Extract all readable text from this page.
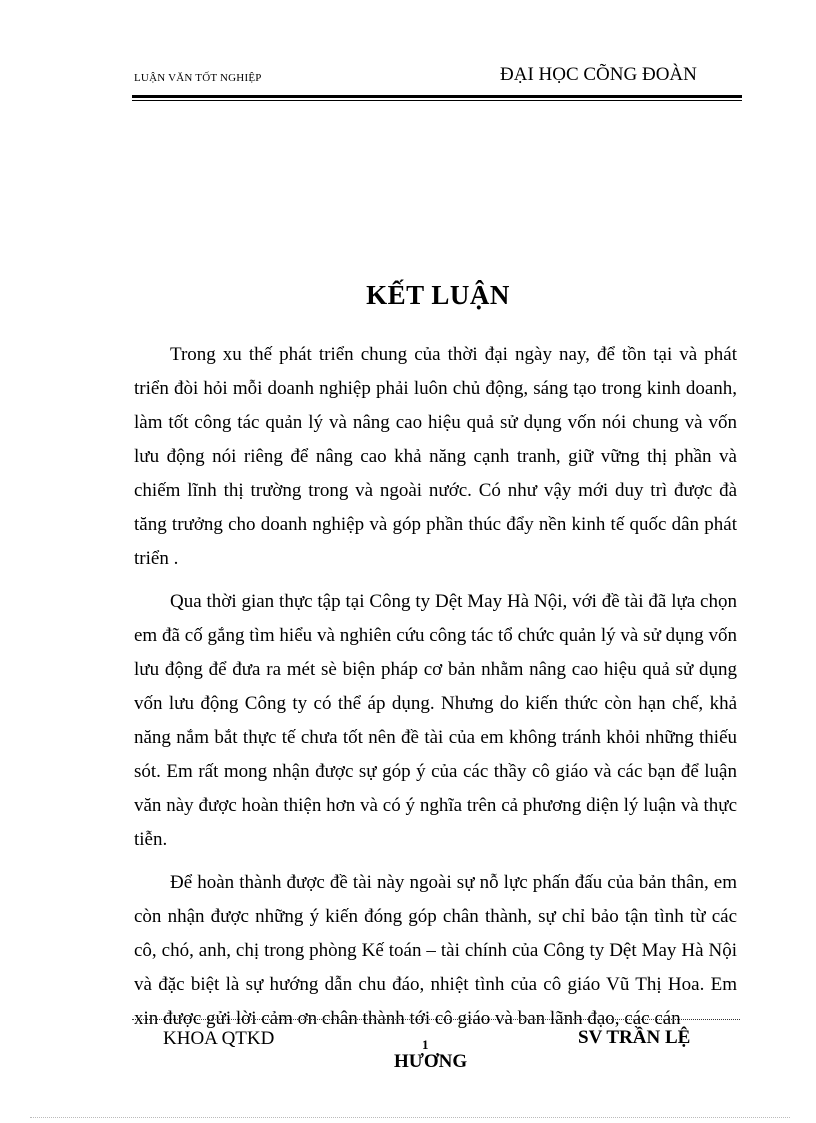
LUẬN VĂN TỐT NGHIỆP	ĐẠI HỌC CÕNG ĐOÀN
KẾT LUẬN

Trong xu thế phát triển chung của thời đại ngày nay, để tồn tại và phát triển đòi hỏi mỗi doanh nghiệp phải luôn chủ động, sáng tạo trong kinh doanh, làm tốt công tác quản lý và nâng cao hiệu quả sử dụng vốn nói chung và vốn lưu động nói riêng để nâng cao khả năng cạnh tranh, giữ vững thị phần và chiếm lĩnh thị trường trong và ngoài nước. Có như vậy mới duy trì được đà tăng trưởng cho doanh nghiệp và góp phần thúc đẩy nền kinh tế quốc dân phát triển .

Qua thời gian thực tập tại Công ty Dệt May Hà Nội, với đề tài đã lựa chọn em đã cố gắng tìm hiểu và nghiên cứu công tác tổ chức quản lý và sử dụng vốn lưu động để đưa ra mét sè biện pháp cơ bản nhằm nâng cao hiệu quả sử dụng vốn lưu động Công ty có thể áp dụng. Nhưng do kiến thức còn hạn chế, khả năng nắm bắt thực tế chưa tốt nên đề tài của em không tránh khỏi những thiếu sót. Em rất mong nhận được sự góp ý của các thầy cô giáo và các bạn để luận văn này được hoàn thiện hơn và có ý nghĩa trên cả phương diện lý luận và thực tiễn.

Để hoàn thành được đề tài này ngoài sự nỗ lực phấn đấu của bản thân, em còn nhận được những ý kiến đóng góp chân thành, sự chỉ bảo tận tình từ các cô, chó, anh, chị trong phòng Kế toán – tài chính của Công ty Dệt May Hà Nội và đặc biệt là sự hướng dẫn chu đáo, nhiệt tình của cô giáo Vũ Thị Hoa. Em xin được gửi lời cảm ơn chân thành tới cô giáo và ban lãnh đạo, các cán

KHOA QTKD	1	SV TRẦN LỆ
HƯƠNG
